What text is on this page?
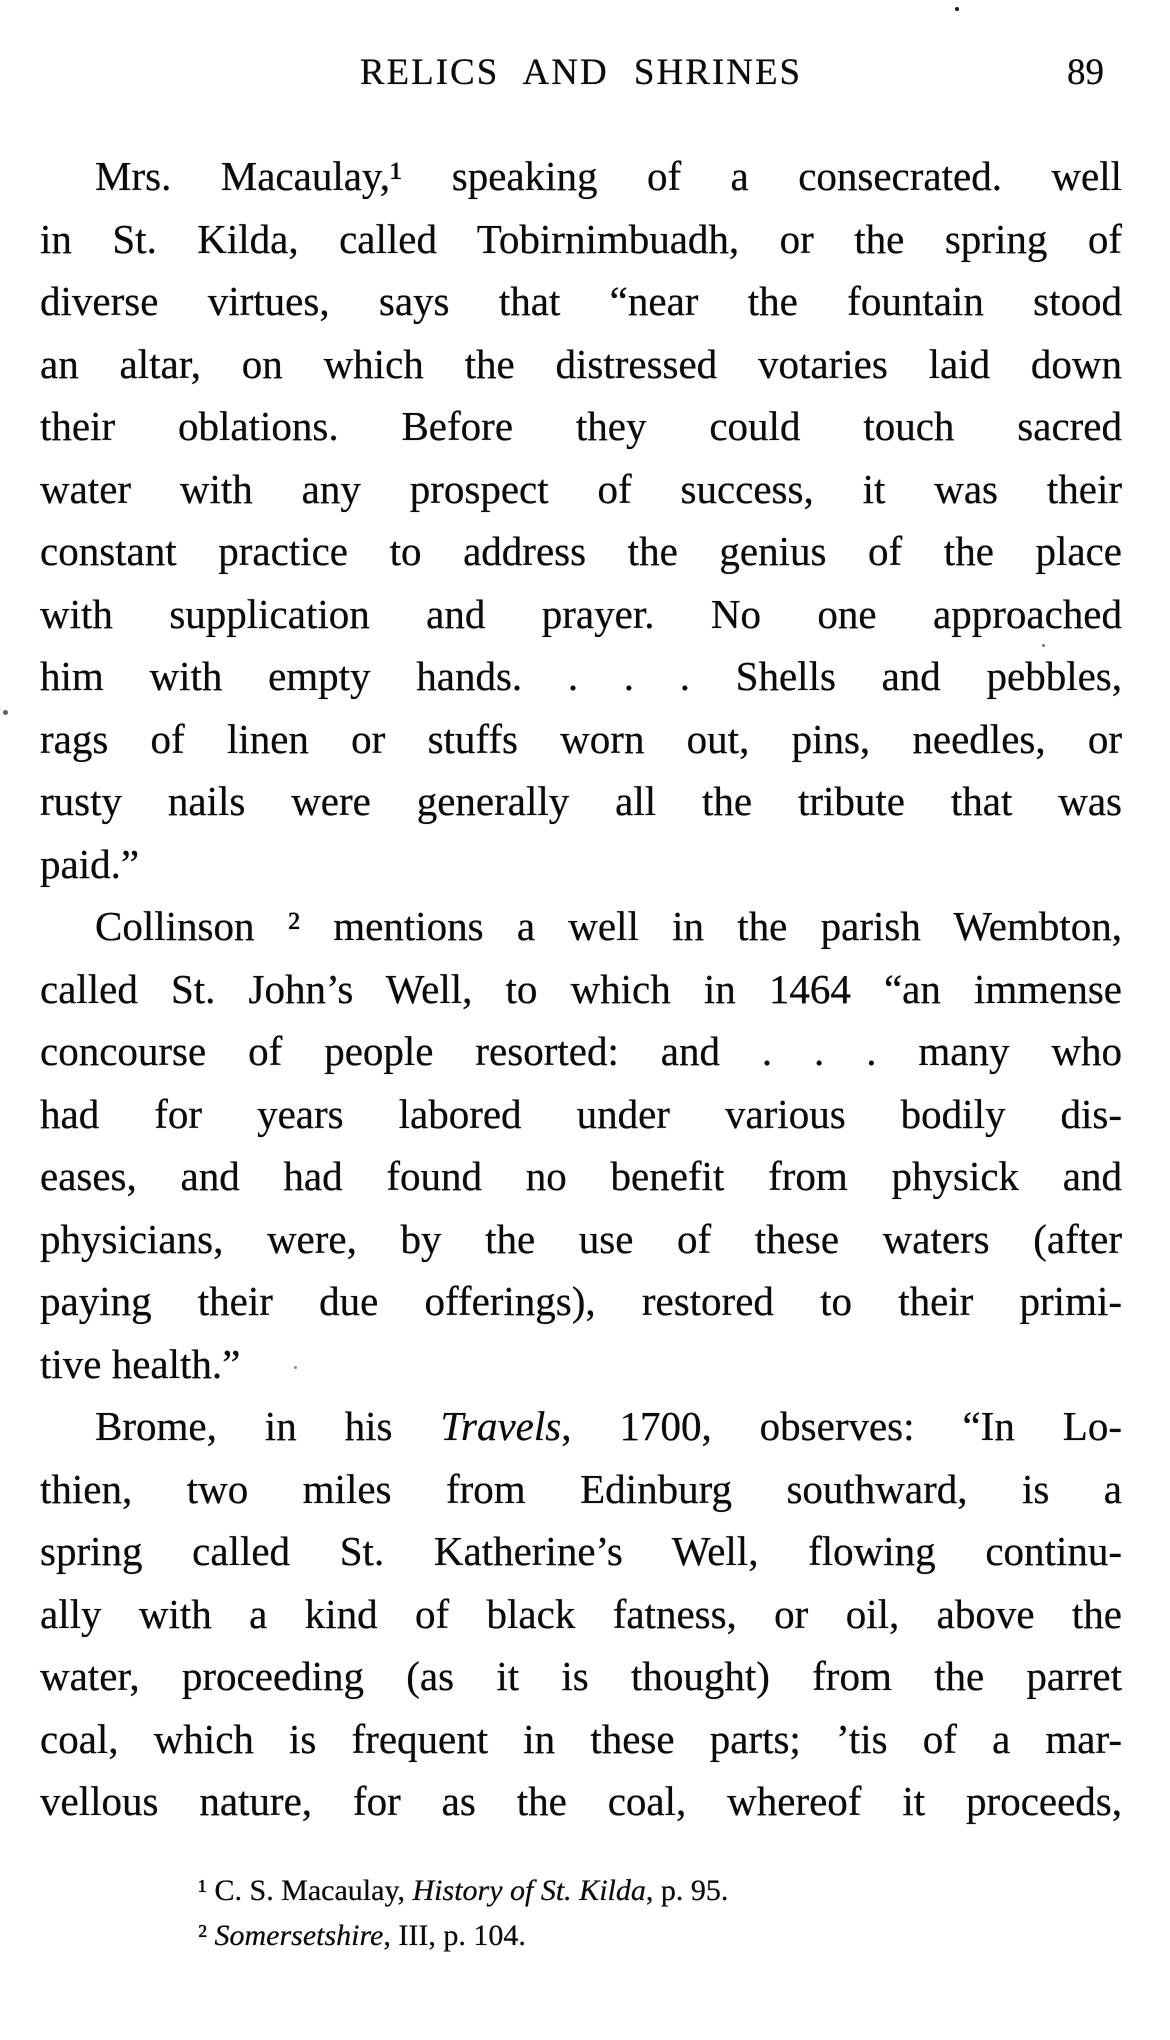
RELICS AND SHRINES	89
Mrs. Macaulay,¹ speaking of a consecrated. well
in St. Kilda, called Tobirnimbuadh, or the spring of
diverse virtues, says that “near the fountain stood
an altar, on which the distressed votaries laid down
their oblations. Before they could touch sacred
water with any prospect of success, it was their
constant practice to address the genius of the place
with supplication and prayer. No one approached
him with empty hands. . . . Shells and pebbles,
rags of linen or stuffs worn out, pins, needles, or
rusty nails were generally all the tribute that was
paid.”
Collinson ² mentions a well in the parish Wembton,
called St. John’s Well, to which in 1464 “an immense
concourse of people resorted: and . . . many who
had for years labored under various bodily dis-
eases, and had found no benefit from physick and
physicians, were, by the use of these waters (after
paying their due offerings), restored to their primi-
tive health.”
Brome, in his Travels, 1700, observes: “In Lo-
thien, two miles from Edinburg southward, is a
spring called St. Katherine’s Well, flowing continu-
ally with a kind of black fatness, or oil, above the
water, proceeding (as it is thought) from the parret
coal, which is frequent in these parts; ’tis of a mar-
vellous nature, for as the coal, whereof it proceeds,
¹ C. S. Macaulay, History of St. Kilda, p. 95.
² Somersetshire, III, p. 104.
